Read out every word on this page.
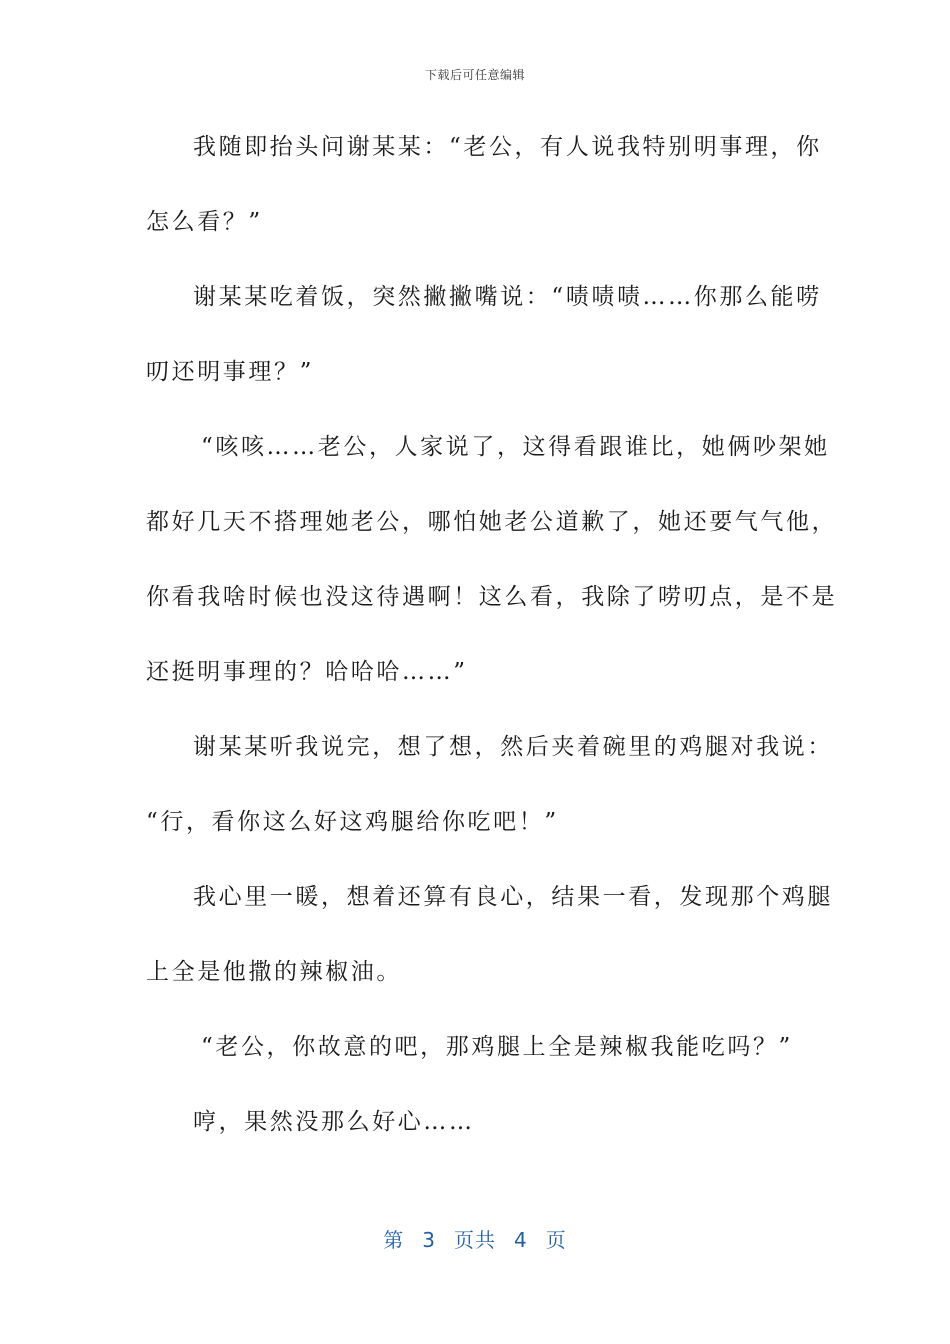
下载后可任意编辑
我随即抬头问谢某某：“老公，有人说我特别明事理，你
怎么看？”
谢某某吃着饭，突然撇撇嘴说：“啧啧啧……你那么能唠
叨还明事理？”
“咳咳……老公，人家说了，这得看跟谁比，她俩吵架她
都好几天不搭理她老公，哪怕她老公道歉了，她还要气气他，
你看我啥时候也没这待遇啊！这么看，我除了唠叨点，是不是
还挺明事理的？哈哈哈……”
谢某某听我说完，想了想，然后夹着碗里的鸡腿对我说：
“行，看你这么好这鸡腿给你吃吧！”
我心里一暖，想着还算有良心，结果一看，发现那个鸡腿
上全是他撒的辣椒油。
“老公，你故意的吧，那鸡腿上全是辣椒我能吃吗？”
哼，果然没那么好心……
第 3 页共 4 页
